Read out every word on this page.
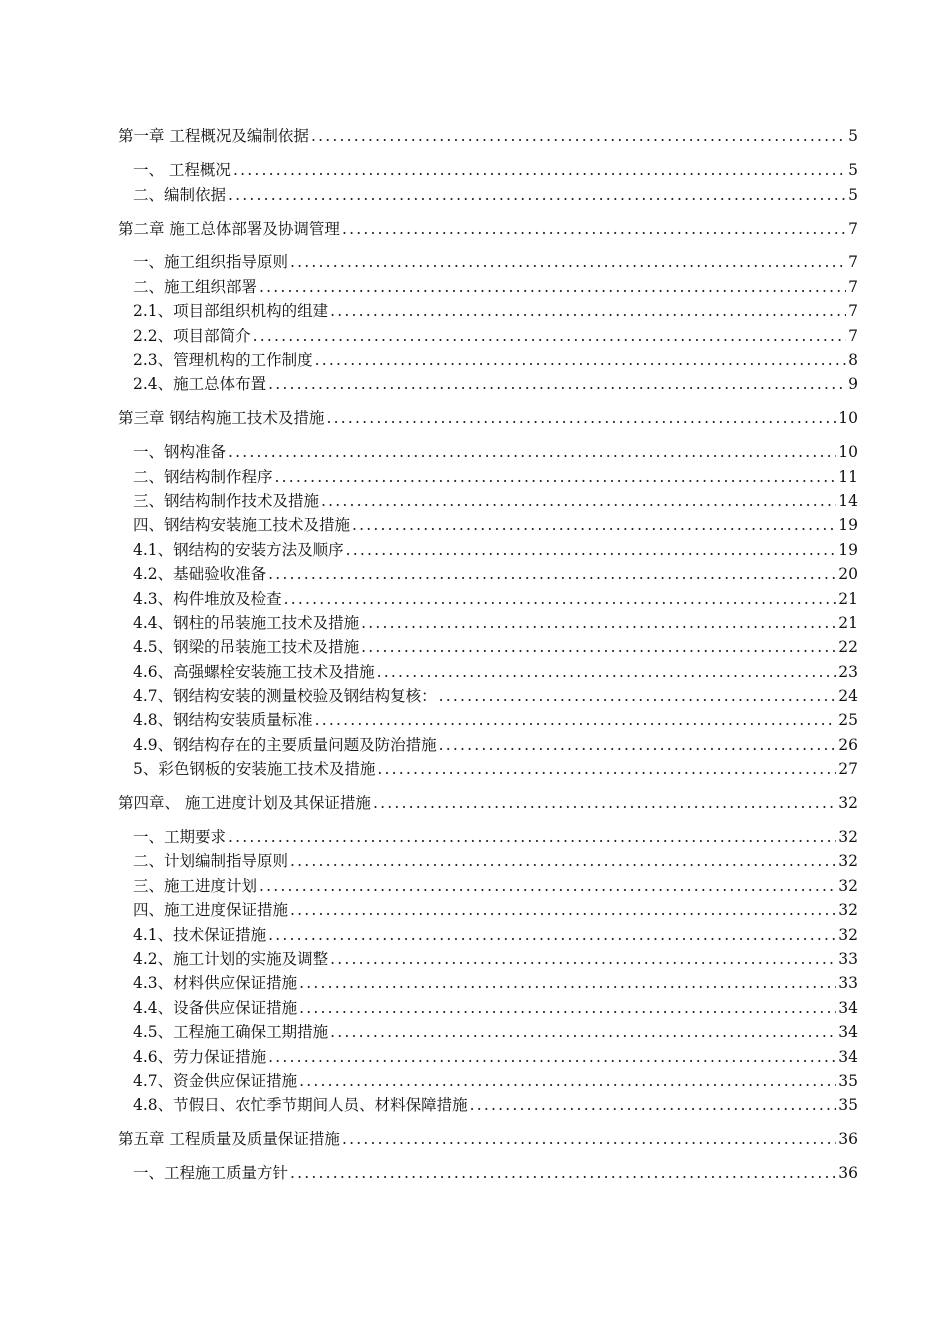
第一章 工程概况及编制依据 .....	5
一、 工程概况 .....	5
二、编制依据 .....	5
第二章 施工总体部署及协调管理 .....	7
一、施工组织指导原则 .....	7
二、施工组织部署 .....	7
2.1、项目部组织机构的组建 .....	7
2.2、项目部简介 .....	7
2.3、管理机构的工作制度 .....	8
2.4、施工总体布置 .....	9
第三章 钢结构施工技术及措施 .....	10
一、钢构准备 .....	10
二、钢结构制作程序 .....	11
三、钢结构制作技术及措施 .....	14
四、钢结构安装施工技术及措施 .....	19
4.1、钢结构的安装方法及顺序 .....	19
4.2、基础验收准备 .....	20
4.3、构件堆放及检查 .....	21
4.4、钢柱的吊装施工技术及措施 .....	21
4.5、钢梁的吊装施工技术及措施 .....	22
4.6、高强螺栓安装施工技术及措施 .....	23
4.7、钢结构安装的测量校验及钢结构复核： .....	24
4.8、钢结构安装质量标准 .....	25
4.9、钢结构存在的主要质量问题及防治措施 .....	26
5、彩色钢板的安装施工技术及措施 .....	27
第四章、 施工进度计划及其保证措施 .....	32
一、工期要求 .....	32
二、计划编制指导原则 .....	32
三、施工进度计划 .....	32
四、施工进度保证措施 .....	32
4.1、技术保证措施 .....	32
4.2、施工计划的实施及调整 .....	33
4.3、材料供应保证措施 .....	33
4.4、设备供应保证措施 .....	34
4.5、工程施工确保工期措施 .....	34
4.6、劳力保证措施 .....	34
4.7、资金供应保证措施 .....	35
4.8、节假日、农忙季节期间人员、材料保障措施 .....	35
第五章 工程质量及质量保证措施 .....	36
一、工程施工质量方针 .....	36
